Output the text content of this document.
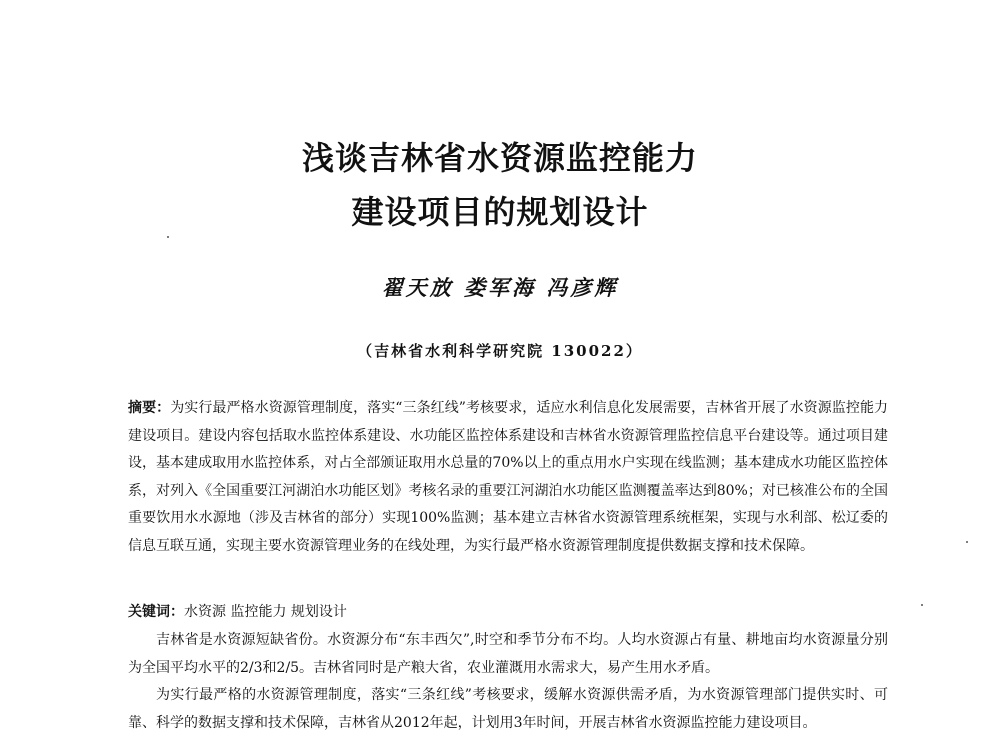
浅谈吉林省水资源监控能力
建设项目的规划设计
翟天放 娄军海 冯彦辉
（吉林省水利科学研究院 130022）
摘要：为实行最严格水资源管理制度，落实“三条红线”考核要求，适应水利信息化发展需要，吉林省开展了水资源监控能力建设项目。建设内容包括取水监控体系建设、水功能区监控体系建设和吉林省水资源管理监控信息平台建设等。通过项目建设，基本建成取用水监控体系，对占全部颁证取用水总量的70%以上的重点用水户实现在线监测；基本建成水功能区监控体系，对列入《全国重要江河湖泊水功能区划》考核名录的重要江河湖泊水功能区监测覆盖率达到80%；对已核准公布的全国重要饮用水水源地（涉及吉林省的部分）实现100%监测；基本建立吉林省水资源管理系统框架，实现与水利部、松辽委的信息互联互通，实现主要水资源管理业务的在线处理，为实行最严格水资源管理制度提供数据支撑和技术保障。
关键词：水资源 监控能力 规划设计
吉林省是水资源短缺省份。水资源分布“东丰西欠”,时空和季节分布不均。人均水资源占有量、耕地亩均水资源量分别为全国平均水平的2/3和2/5。吉林省同时是产粮大省，农业灌溉用水需求大，易产生用水矛盾。
为实行最严格的水资源管理制度，落实“三条红线”考核要求，缓解水资源供需矛盾，为水资源管理部门提供实时、可靠、科学的数据支撑和技术保障，吉林省从2012年起，计划用3年时间，开展吉林省水资源监控能力建设项目。
